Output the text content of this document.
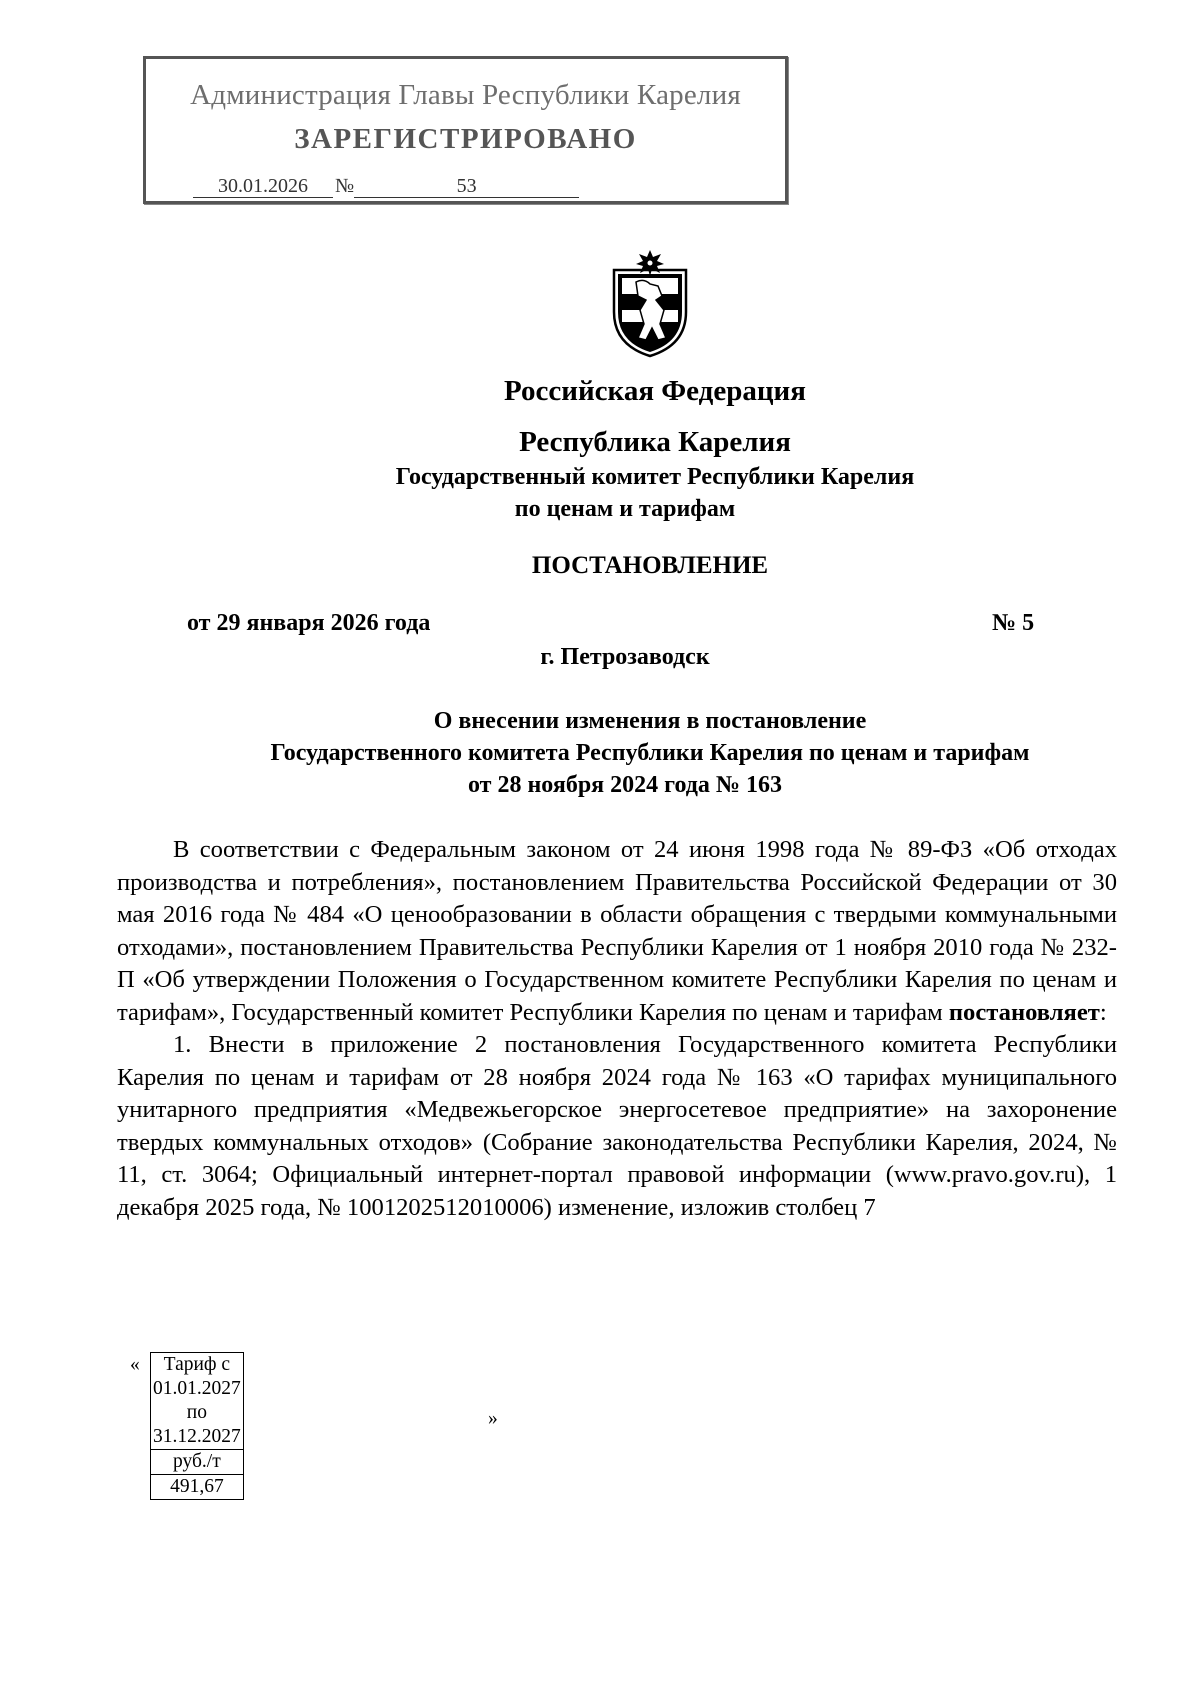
Администрация Главы Республики Карелия
ЗАРЕГИСТРИРОВАНО
30.01.2026	№	53
Российская Федерация
Республика Карелия
Государственный комитет Республики Карелия
по ценам и тарифам
ПОСТАНОВЛЕНИЕ
от 29 января 2026 года	№ 5
г. Петрозаводск
О внесении изменения в постановление
Государственного комитета Республики Карелия по ценам и тарифам
от 28 ноября 2024 года № 163

В соответствии с Федеральным законом от 24 июня 1998 года № 89-ФЗ «Об отходах производства и потребления», постановлением Правительства Российской Федерации от 30 мая 2016 года № 484 «О ценообразовании в области обращения с твердыми коммунальными отходами», постановлением Правительства Республики Карелия от 1 ноября 2010 года № 232-П «Об утверждении Положения о Государственном комитете Республики Карелия по ценам и тарифам», Государственный комитет Республики Карелия по ценам и тарифам постановляет:

1. Внести в приложение 2 постановления Государственного комитета Республики Карелия по ценам и тарифам от 28 ноября 2024 года № 163 «О тарифах муниципального унитарного предприятия «Медвежьегорское энергосетевое предприятие» на захоронение твердых коммунальных отходов» (Собрание законодательства Республики Карелия, 2024, № 11, ст. 3064; Официальный интернет-портал правовой информации (www.pravo.gov.ru), 1 декабря 2025 года, № 1001202512010006) изменение, изложив столбец 7

« Тариф с 01.01.2027 по 31.12.2027
руб./т
491,67
»
